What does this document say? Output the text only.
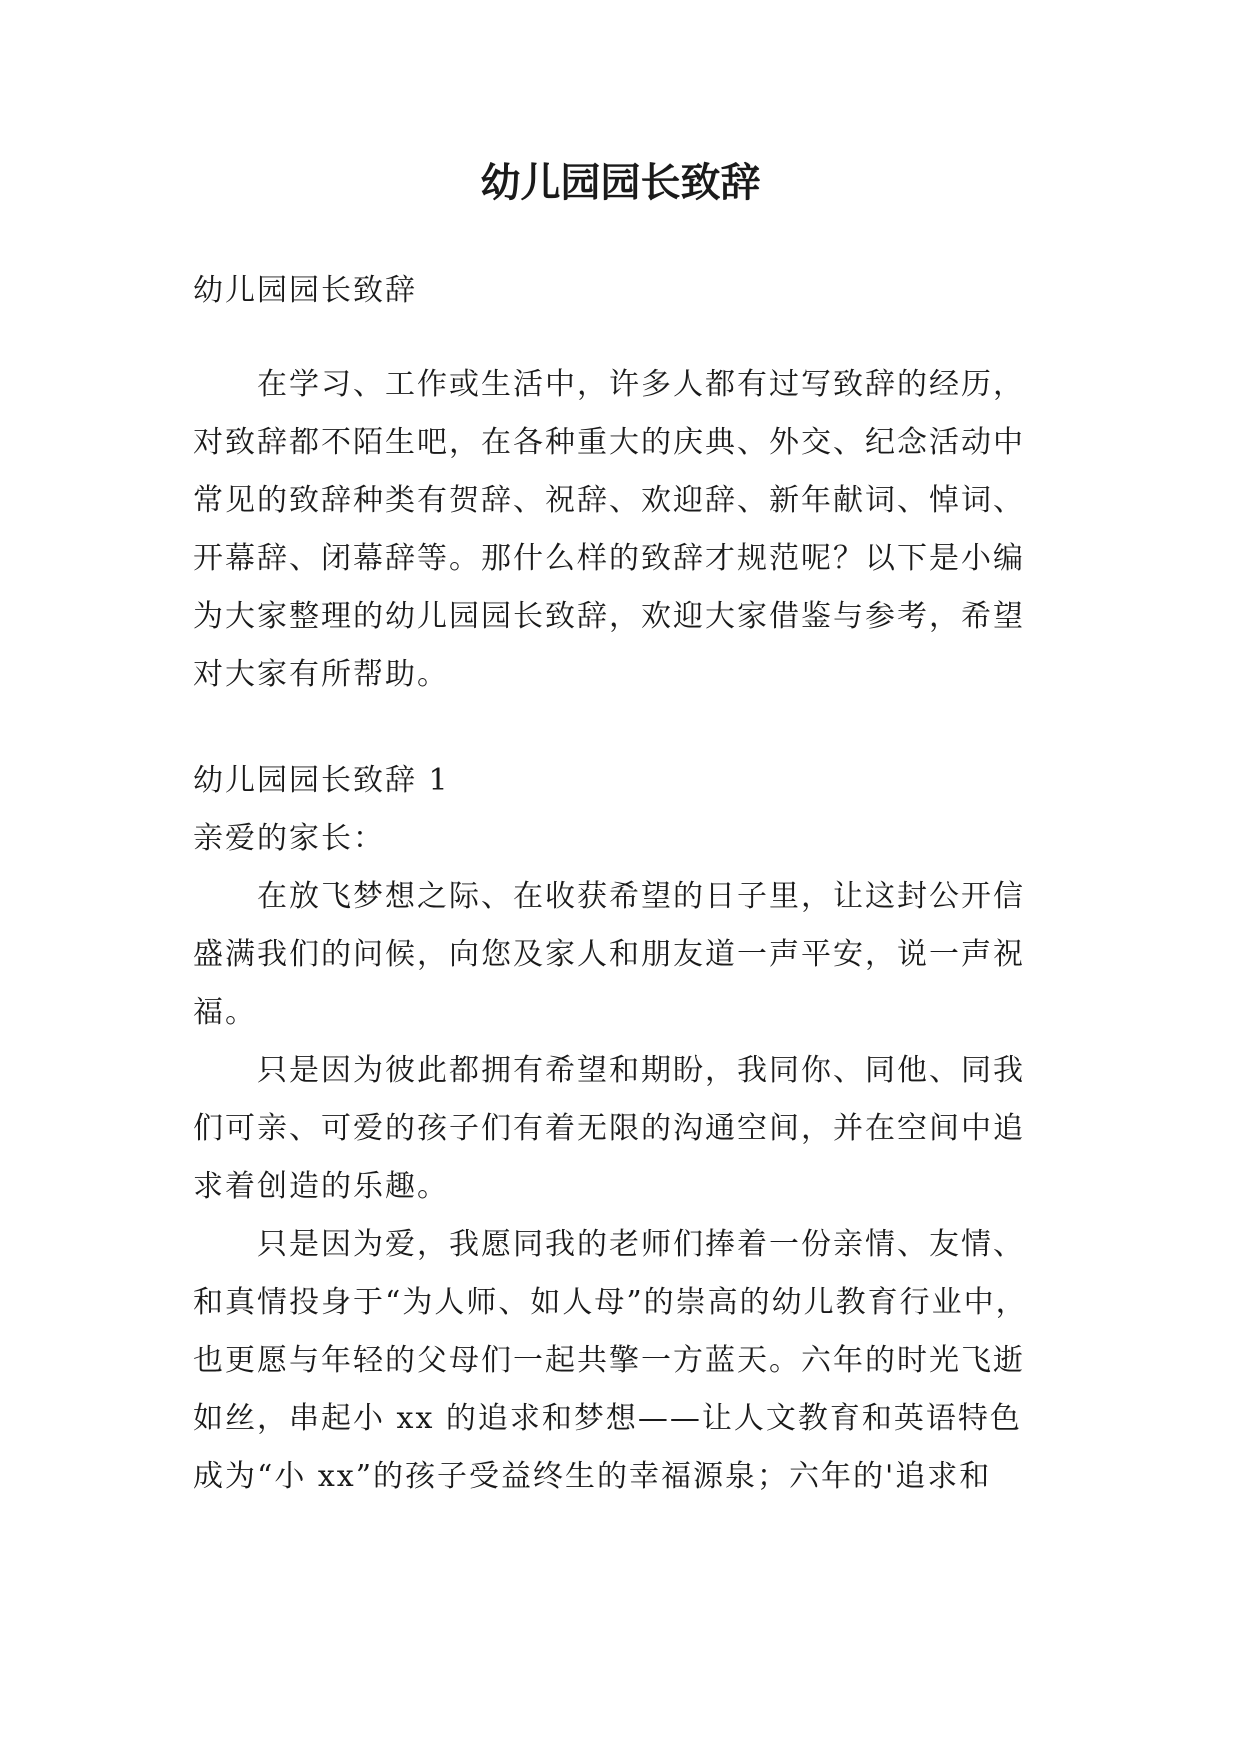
幼儿园园长致辞

幼儿园园长致辞

在学习、工作或生活中，许多人都有过写致辞的经历，
对致辞都不陌生吧，在各种重大的庆典、外交、纪念活动中
常见的致辞种类有贺辞、祝辞、欢迎辞、新年献词、悼词、
开幕辞、闭幕辞等。那什么样的致辞才规范呢？以下是小编
为大家整理的幼儿园园长致辞，欢迎大家借鉴与参考，希望
对大家有所帮助。

幼儿园园长致辞 1

亲爱的家长：

在放飞梦想之际、在收获希望的日子里，让这封公开信
盛满我们的问候，向您及家人和朋友道一声平安，说一声祝
福。

只是因为彼此都拥有希望和期盼，我同你、同他、同我
们可亲、可爱的孩子们有着无限的沟通空间，并在空间中追
求着创造的乐趣。

只是因为爱，我愿同我的老师们捧着一份亲情、友情、
和真情投身于“为人师、如人母”的崇高的幼儿教育行业中，
也更愿与年轻的父母们一起共擎一方蓝天。六年的时光飞逝
如丝，串起小 xx 的追求和梦想——让人文教育和英语特色
成为“小 xx”的孩子受益终生的幸福源泉；六年的'追求和
